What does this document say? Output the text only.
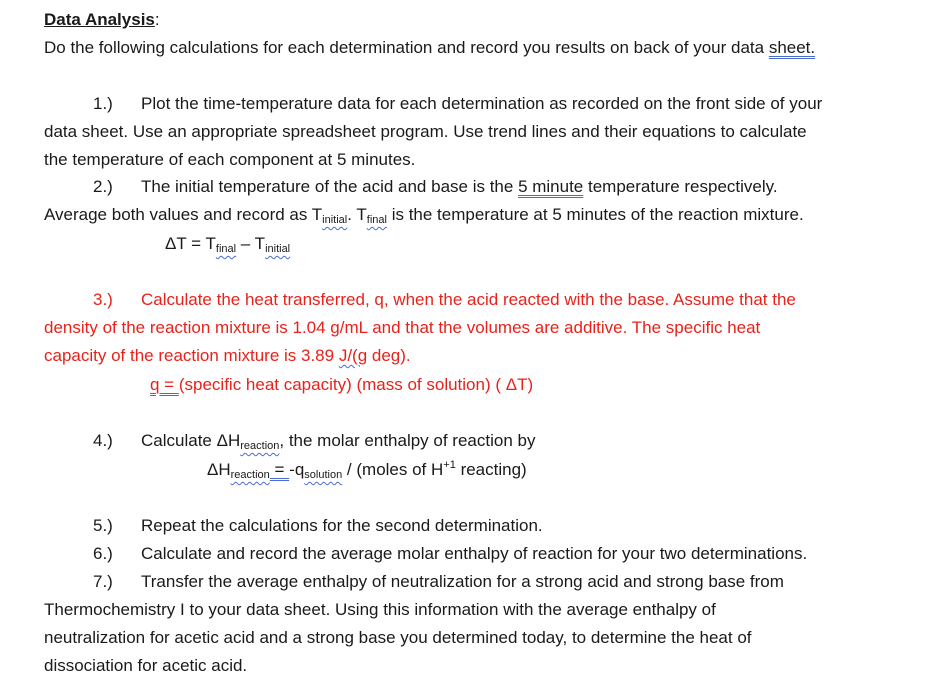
Data Analysis:
Do the following calculations for each determination and record you results on back of your data sheet.
1.) Plot the time-temperature data for each determination as recorded on the front side of your
data sheet. Use an appropriate spreadsheet program. Use trend lines and their equations to calculate
the temperature of each component at 5 minutes.
2.) The initial temperature of the acid and base is the 5 minute temperature respectively.
Average both values and record as $T_{initial}$. $T_{final}$ is the temperature at 5 minutes of the reaction mixture.
$\Delta T = T_{final} - T_{initial}$
3.) Calculate the heat transferred, q, when the acid reacted with the base. Assume that the
density of the reaction mixture is 1.04 g/mL and that the volumes are additive. The specific heat
capacity of the reaction mixture is 3.89 J/(g deg).
q = (specific heat capacity) (mass of solution) ( ΔT)
4.) Calculate $\Delta H_{reaction}$, the molar enthalpy of reaction by
$\Delta H_{reaction} = -q_{solution}$ / (moles of $H^{+1}$ reacting)
5.) Repeat the calculations for the second determination.
6.) Calculate and record the average molar enthalpy of reaction for your two determinations.
7.) Transfer the average enthalpy of neutralization for a strong acid and strong base from
Thermochemistry I to your data sheet. Using this information with the average enthalpy of
neutralization for acetic acid and a strong base you determined today, to determine the heat of
dissociation for acetic acid.
